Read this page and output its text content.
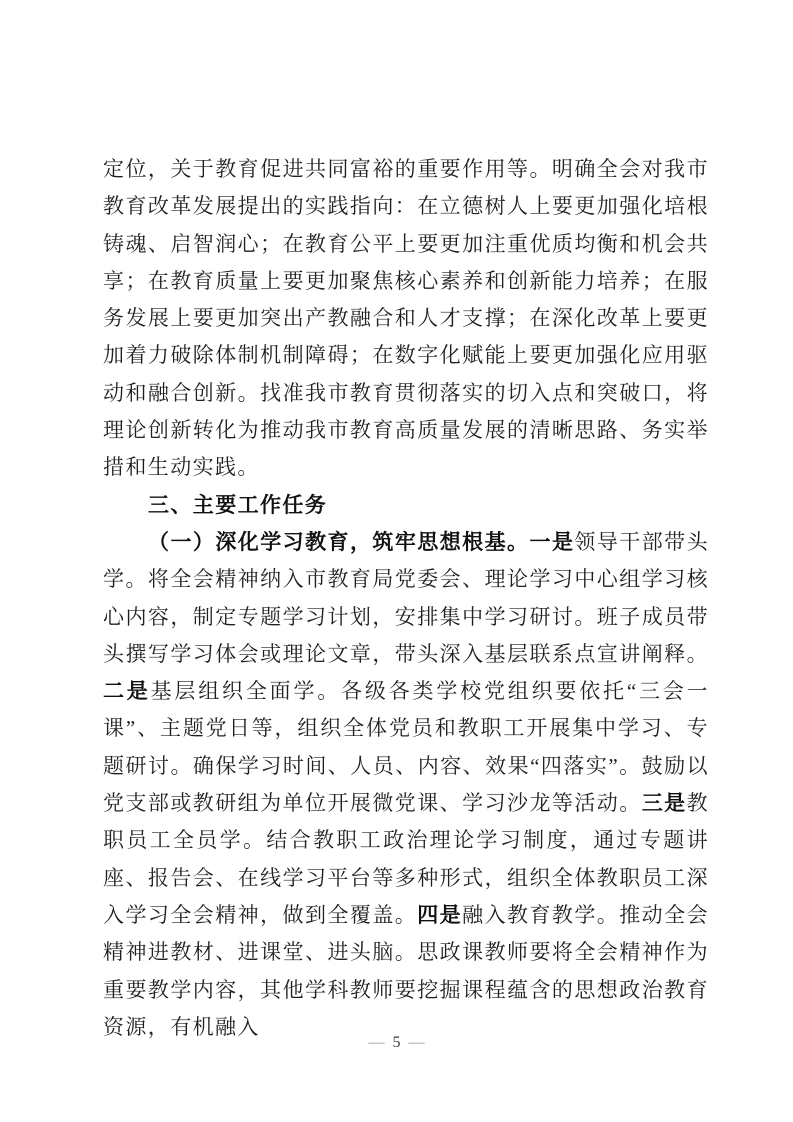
定位，关于教育促进共同富裕的重要作用等。明确全会对我市教育改革发展提出的实践指向：在立德树人上要更加强化培根铸魂、启智润心；在教育公平上要更加注重优质均衡和机会共享；在教育质量上要更加聚焦核心素养和创新能力培养；在服务发展上要更加突出产教融合和人才支撑；在深化改革上要更加着力破除体制机制障碍；在数字化赋能上要更加强化应用驱动和融合创新。找准我市教育贯彻落实的切入点和突破口，将理论创新转化为推动我市教育高质量发展的清晰思路、务实举措和生动实践。

三、主要工作任务

（一）深化学习教育，筑牢思想根基。一是领导干部带头学。将全会精神纳入市教育局党委会、理论学习中心组学习核心内容，制定专题学习计划，安排集中学习研讨。班子成员带头撰写学习体会或理论文章，带头深入基层联系点宣讲阐释。二是基层组织全面学。各级各类学校党组织要依托“三会一课”、主题党日等，组织全体党员和教职工开展集中学习、专题研讨。确保学习时间、人员、内容、效果“四落实”。鼓励以党支部或教研组为单位开展微党课、学习沙龙等活动。三是教职员工全员学。结合教职工政治理论学习制度，通过专题讲座、报告会、在线学习平台等多种形式，组织全体教职员工深入学习全会精神，做到全覆盖。四是融入教育教学。推动全会精神进教材、进课堂、进头脑。思政课教师要将全会精神作为重要教学内容，其他学科教师要挖掘课程蕴含的思想政治教育资源，有机融入

— 5 —
